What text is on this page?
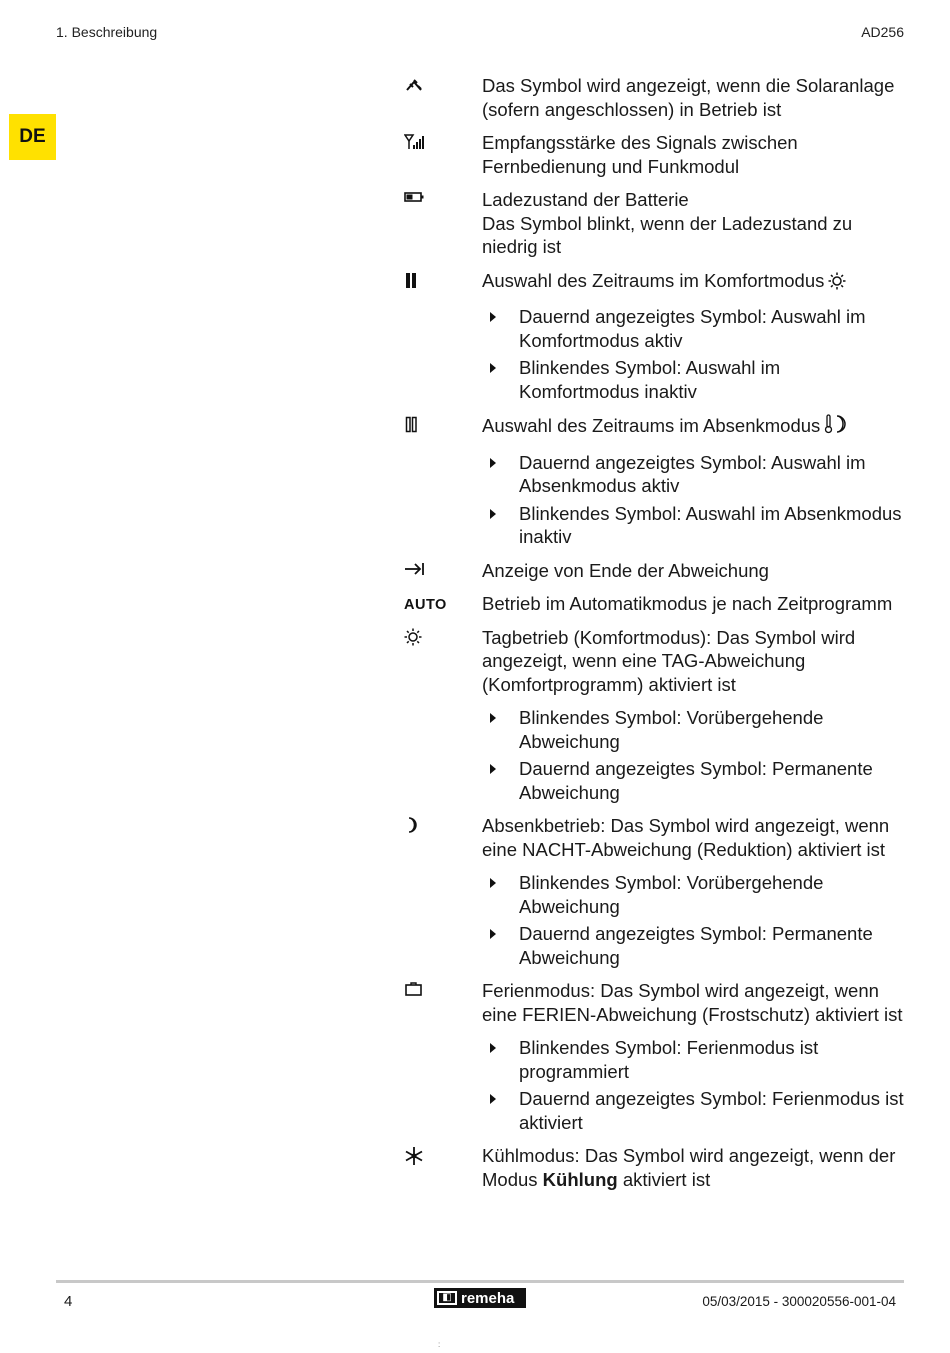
1. Beschreibung	AD256
DE
Das Symbol wird angezeigt, wenn die Solaranlage (sofern angeschlossen) in Betrieb ist
Empfangsstärke des Signals zwischen Fernbedienung und Funkmodul
Ladezustand der Batterie
Das Symbol blinkt, wenn der Ladezustand zu niedrig ist
Auswahl des Zeitraums im Komfortmodus
Dauernd angezeigtes Symbol: Auswahl im Komfortmodus aktiv
Blinkendes Symbol: Auswahl im Komfortmodus inaktiv
Auswahl des Zeitraums im Absenkmodus
Dauernd angezeigtes Symbol: Auswahl im Absenkmodus aktiv
Blinkendes Symbol: Auswahl im Absenkmodus inaktiv
Anzeige von Ende der Abweichung
AUTO Betrieb im Automatikmodus je nach Zeitprogramm
Tagbetrieb (Komfortmodus): Das Symbol wird angezeigt, wenn eine TAG-Abweichung (Komfortprogramm) aktiviert ist
Blinkendes Symbol: Vorübergehende Abweichung
Dauernd angezeigtes Symbol: Permanente Abweichung
Absenkbetrieb: Das Symbol wird angezeigt, wenn eine NACHT-Abweichung (Reduktion) aktiviert ist
Blinkendes Symbol: Vorübergehende Abweichung
Dauernd angezeigtes Symbol: Permanente Abweichung
Ferienmodus: Das Symbol wird angezeigt, wenn eine FERIEN-Abweichung (Frostschutz) aktiviert ist
Blinkendes Symbol: Ferienmodus ist programmiert
Dauernd angezeigtes Symbol: Ferienmodus ist aktiviert
Kühlmodus: Das Symbol wird angezeigt, wenn der Modus Kühlung aktiviert ist
4	◧ remeha	05/03/2015 - 300020556-001-04
:
